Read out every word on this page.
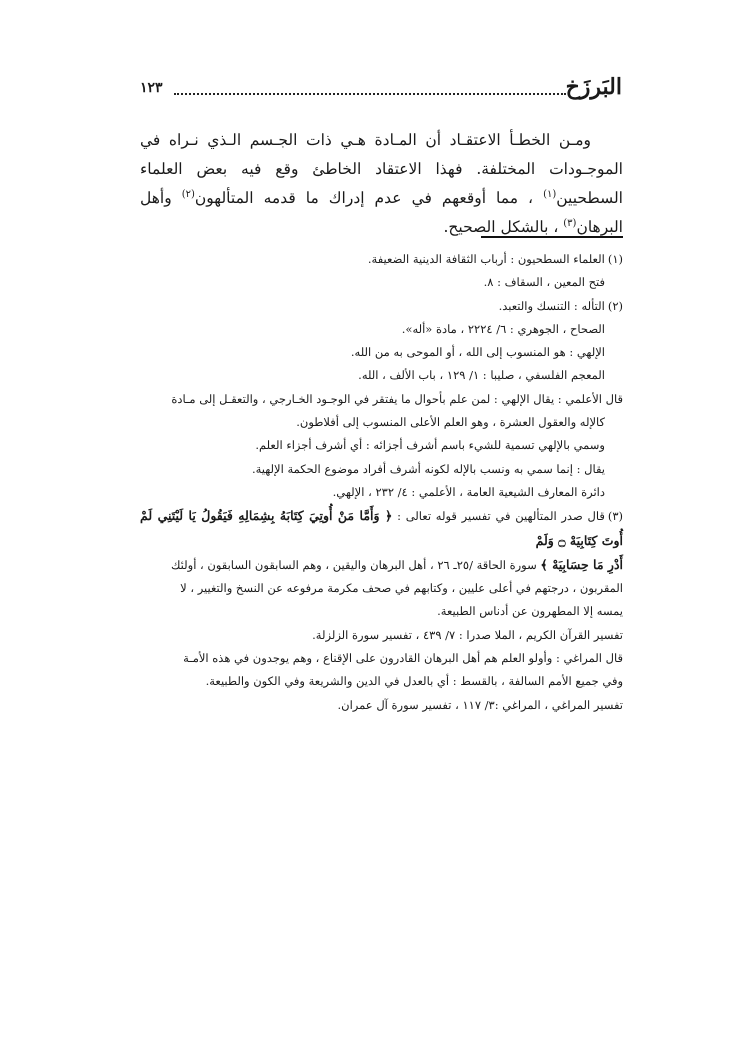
١٢٣	البَرزَخ

ومـن الخطـأ الاعتقـاد أن المـادة هـي ذات الجـسم الـذي نـراه في الموجـودات المختلفة. فهذا الاعتقاد الخاطئ وقع فيه بعض العلماء السطحيين$^{(١)}$ ، مما أوقعهم في عدم إدراك ما قدمه المتألهون$^{(٢)}$ وأهل البرهان$^{(٣)}$ ، بالشكل الصحيح.

(١)العلماء السطحيون : أرباب الثقافة الدينية الضعيفة.
فتح المعين ، السقاف : ٨.
(٢)التأله : التنسك والتعبد.
الصحاح ، الجوهري : ٦/ ٢٢٢٤ ، مادة «أله».
الإلهي : هو المنسوب إلى الله ، أو الموحى به من الله.
المعجم الفلسفي ، صليبا : ١/ ١٢٩ ، باب الألف ، الله.
قال الأعلمي : يقال الإلهي : لمن علم بأحوال ما يفتقر في الوجـود الخـارجي ، والتعقـل إلى مـادة
كالإله والعقول العشرة ، وهو العلم الأعلى المنسوب إلى أفلاطون.
وسمي بالإلهي تسمية للشيء باسم أشرف أجزائه : أي أشرف أجزاء العلم.
يقال : إنما سمي به ونسب بالإله لكونه أشرف أفراد موضوع الحكمة الإلهية.
دائرة المعارف الشيعية العامة ، الأعلمي : ٤/ ٢٣٢ ، الإلهي.
(٣)قال صدر المتألهين في تفسير قوله تعالى : ﴿ وَأَمَّا مَنْ أُوتِيَ كِتَابَهُ بِشِمَالِهِ فَيَقُولُ يَا لَيْتَنِي لَمْ أُوتَ كِتَابِيَهْ ۝ وَلَمْ
أَدْرِ مَا حِسَابِيَهْ ﴾ سورة الحاقة /٢٥ـ ٢٦ ، أهل البرهان واليقين ، وهم السابقون السابقون ، أولئك
المقربون ، درجتهم في أعلى عليين ، وكتابهم في صحف مكرمة مرفوعه عن النسخ والتغيير ، لا
يمسه إلا المطهرون عن أدناس الطبيعة.
تفسير القرآن الكريم ، الملا صدرا : ٧/ ٤٣٩ ، تفسير سورة الزلزلة.
قال المراغي : وأولو العلم هم أهل البرهان القادرون على الإقناع ، وهم يوجدون في هذه الأمـة
وفي جميع الأمم السالفة ، بالقسط : أي بالعدل في الدين والشريعة وفي الكون والطبيعة.
تفسير المراغي ، المراغي :٣/ ١١٧ ، تفسير سورة آل عمران.
